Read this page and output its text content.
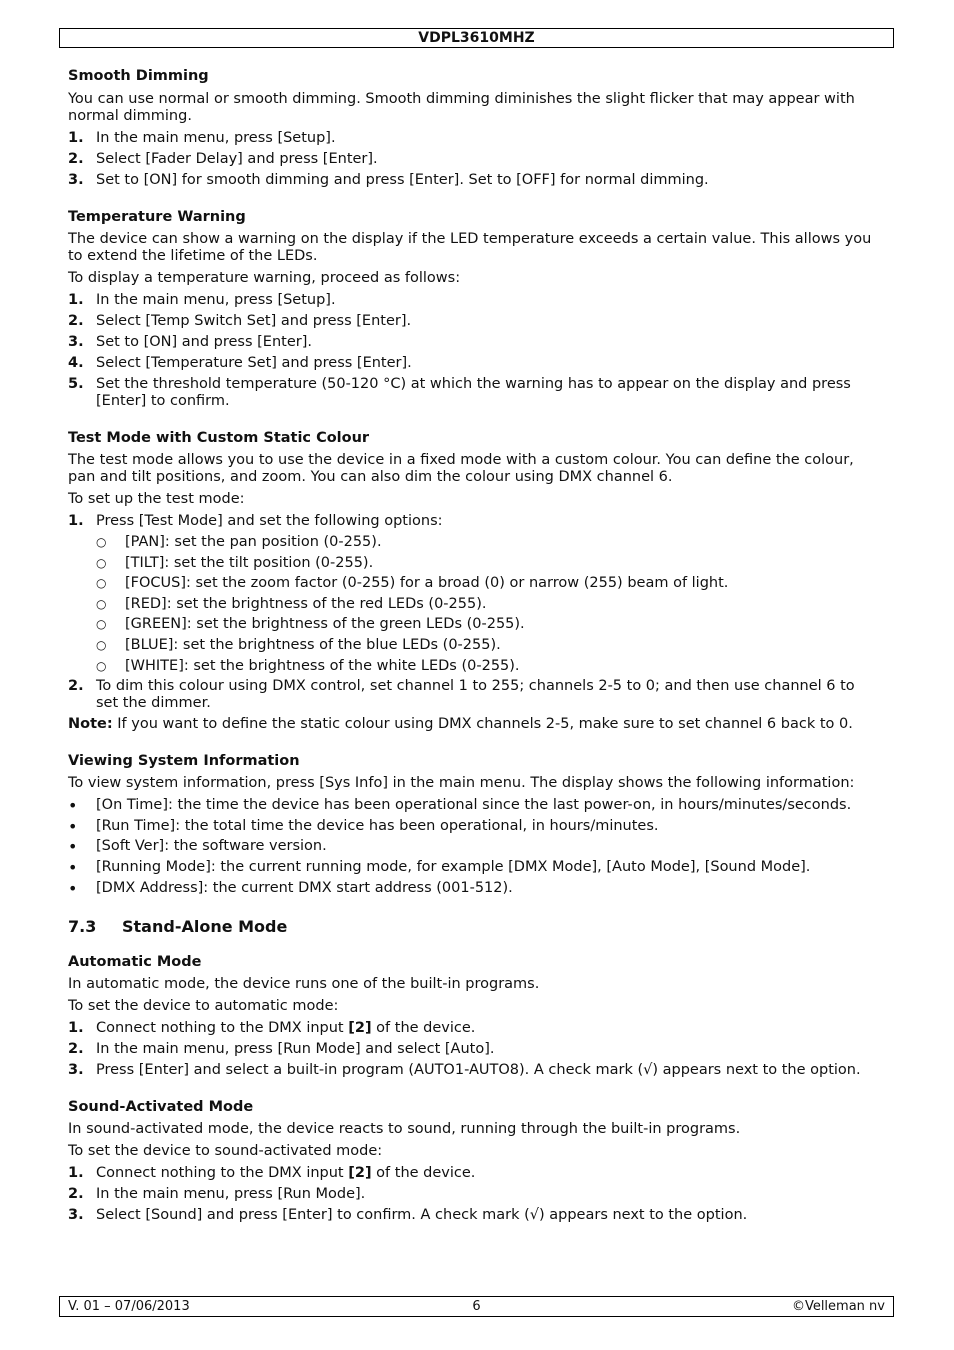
VDPL3610MHZ

Smooth Dimming

You can use normal or smooth dimming. Smooth dimming diminishes the slight flicker that may appear with normal dimming.

1. In the main menu, press [Setup].
2. Select [Fader Delay] and press [Enter].
3. Set to [ON] for smooth dimming and press [Enter]. Set to [OFF] for normal dimming.

Temperature Warning

The device can show a warning on the display if the LED temperature exceeds a certain value. This allows you to extend the lifetime of the LEDs.

To display a temperature warning, proceed as follows:

1. In the main menu, press [Setup].
2. Select [Temp Switch Set] and press [Enter].
3. Set to [ON] and press [Enter].
4. Select [Temperature Set] and press [Enter].
5. Set the threshold temperature (50-120 °C) at which the warning has to appear on the display and press [Enter] to confirm.

Test Mode with Custom Static Colour

The test mode allows you to use the device in a fixed mode with a custom colour. You can define the colour, pan and tilt positions, and zoom. You can also dim the colour using DMX channel 6.

To set up the test mode:

1. Press [Test Mode] and set the following options:
○	[PAN]: set the pan position (0-255).
○	[TILT]: set the tilt position (0-255).
○	[FOCUS]: set the zoom factor (0-255) for a broad (0) or narrow (255) beam of light.
○	[RED]: set the brightness of the red LEDs (0-255).
○	[GREEN]: set the brightness of the green LEDs (0-255).
○	[BLUE]: set the brightness of the blue LEDs (0-255).
○	[WHITE]: set the brightness of the white LEDs (0-255).
2. To dim this colour using DMX control, set channel 1 to 255; channels 2-5 to 0; and then use channel 6 to set the dimmer.

Note: If you want to define the static colour using DMX channels 2-5, make sure to set channel 6 back to 0.

Viewing System Information

To view system information, press [Sys Info] in the main menu. The display shows the following information:

•	[On Time]: the time the device has been operational since the last power-on, in hours/minutes/seconds.
•	[Run Time]: the total time the device has been operational, in hours/minutes.
•	[Soft Ver]: the software version.
•	[Running Mode]: the current running mode, for example [DMX Mode], [Auto Mode], [Sound Mode].
•	[DMX Address]: the current DMX start address (001-512).
7.3	Stand-Alone Mode

Automatic Mode

In automatic mode, the device runs one of the built-in programs.

To set the device to automatic mode:

1. Connect nothing to the DMX input [2] of the device.
2. In the main menu, press [Run Mode] and select [Auto].
3. Press [Enter] and select a built-in program (AUTO1-AUTO8). A check mark (√) appears next to the option.

Sound-Activated Mode

In sound-activated mode, the device reacts to sound, running through the built-in programs.

To set the device to sound-activated mode:

1. Connect nothing to the DMX input [2] of the device.
2. In the main menu, press [Run Mode].
3. Select [Sound] and press [Enter] to confirm. A check mark (√) appears next to the option.
V. 01 – 07/06/2013	6	©Velleman nv
